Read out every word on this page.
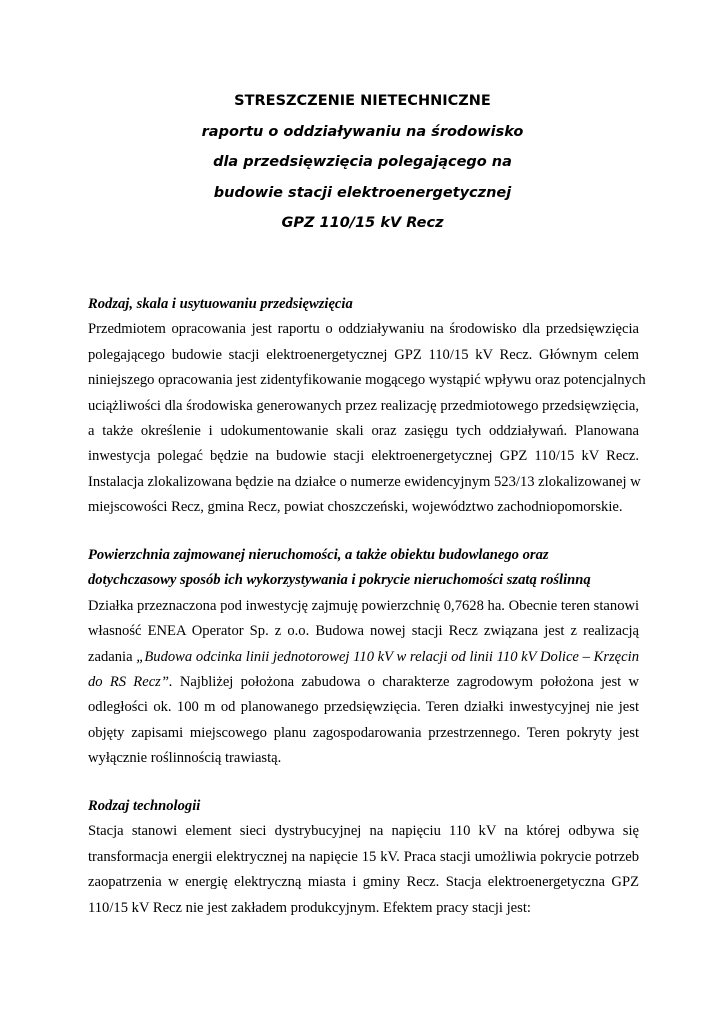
STRESZCZENIE NIETECHNICZNE
raportu o oddziaływaniu na środowisko
dla przedsięwzięcia polegającego na
budowie stacji elektroenergetycznej
GPZ 110/15 kV Recz
Rodzaj, skala i usytuowaniu przedsięwzięcia
Przedmiotem opracowania jest raportu o oddziaływaniu na środowisko dla przedsięwzięcia
polegającego budowie stacji elektroenergetycznej GPZ 110/15 kV Recz. Głównym celem
niniejszego opracowania jest zidentyfikowanie mogącego wystąpić wpływu oraz potencjalnych
uciążliwości dla środowiska generowanych przez realizację przedmiotowego przedsięwzięcia,
a także określenie i udokumentowanie skali oraz zasięgu tych oddziaływań. Planowana
inwestycja polegać będzie na budowie stacji elektroenergetycznej GPZ 110/15 kV Recz.
Instalacja zlokalizowana będzie na działce o numerze ewidencyjnym 523/13 zlokalizowanej w
miejscowości Recz, gmina Recz, powiat choszczeński, województwo zachodniopomorskie.
Powierzchnia zajmowanej nieruchomości, a także obiektu budowlanego oraz
dotychczasowy sposób ich wykorzystywania i pokrycie nieruchomości szatą roślinną
Działka przeznaczona pod inwestycję zajmuję powierzchnię 0,7628 ha. Obecnie teren stanowi
własność ENEA Operator Sp. z o.o. Budowa nowej stacji Recz związana jest z realizacją
zadania „Budowa odcinka linii jednotorowej 110 kV w relacji od linii 110 kV Dolice – Krzęcin
do RS Recz”. Najbliżej położona zabudowa o charakterze zagrodowym położona jest w
odległości ok. 100 m od planowanego przedsięwzięcia. Teren działki inwestycyjnej nie jest
objęty zapisami miejscowego planu zagospodarowania przestrzennego. Teren pokryty jest
wyłącznie roślinnością trawiastą.
Rodzaj technologii
Stacja stanowi element sieci dystrybucyjnej na napięciu 110 kV na której odbywa się
transformacja energii elektrycznej na napięcie 15 kV. Praca stacji umożliwia pokrycie potrzeb
zaopatrzenia w energię elektryczną miasta i gminy Recz. Stacja elektroenergetyczna GPZ
110/15 kV Recz nie jest zakładem produkcyjnym. Efektem pracy stacji jest:
